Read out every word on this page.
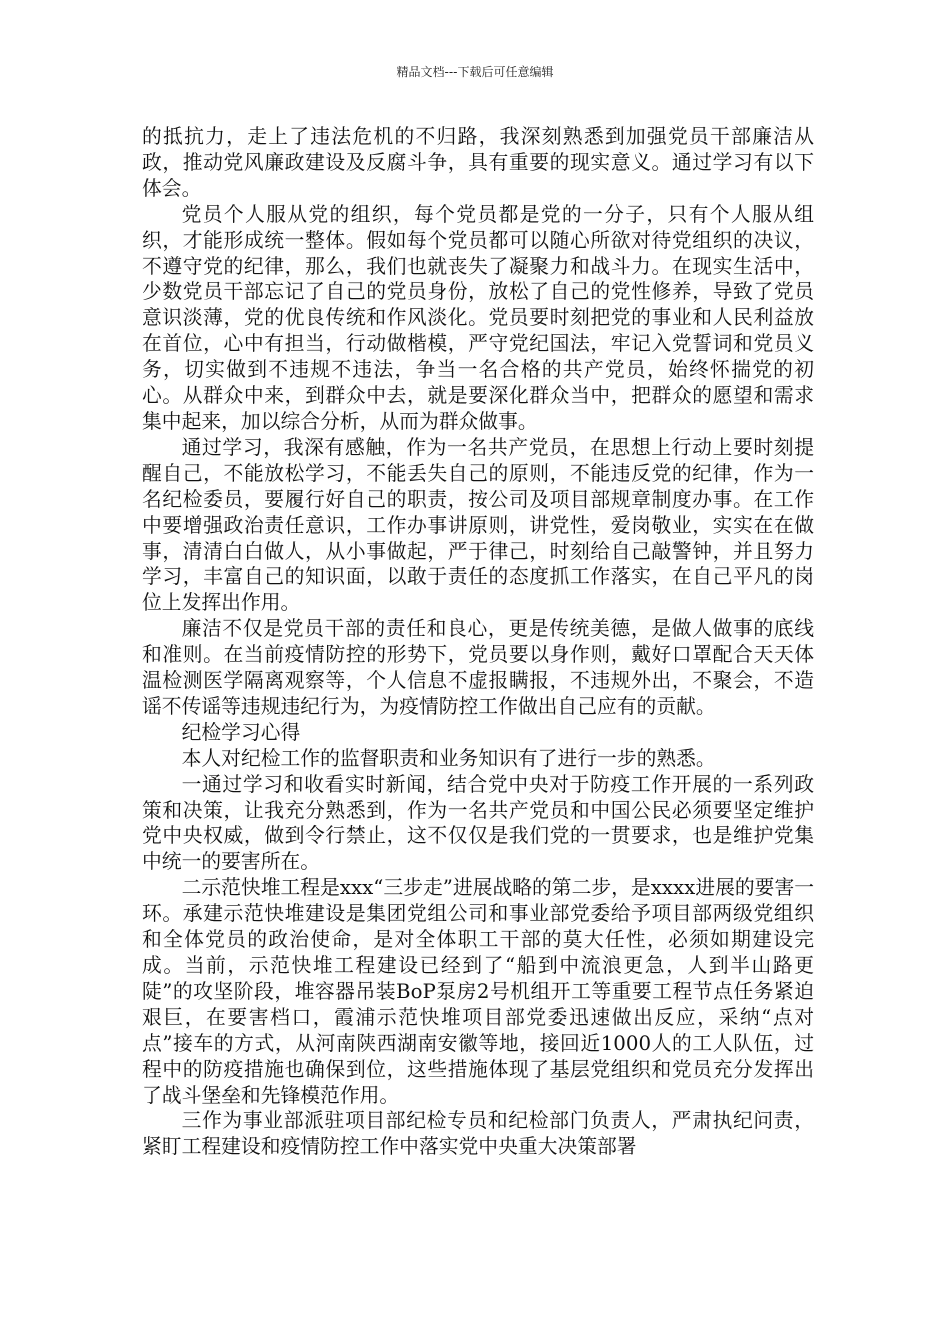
精品文档---下载后可任意编辑

的抵抗力，走上了违法危机的不归路，我深刻熟悉到加强党员干部廉洁从政，推动党风廉政建设及反腐斗争，具有重要的现实意义。通过学习有以下体会。

党员个人服从党的组织，每个党员都是党的一分子，只有个人服从组织，才能形成统一整体。假如每个党员都可以随心所欲对待党组织的决议，不遵守党的纪律，那么，我们也就丧失了凝聚力和战斗力。在现实生活中，少数党员干部忘记了自己的党员身份，放松了自己的党性修养，导致了党员意识淡薄，党的优良传统和作风淡化。党员要时刻把党的事业和人民利益放在首位，心中有担当，行动做楷模，严守党纪国法，牢记入党誓词和党员义务，切实做到不违规不违法，争当一名合格的共产党员，始终怀揣党的初心。从群众中来，到群众中去，就是要深化群众当中，把群众的愿望和需求集中起来，加以综合分析，从而为群众做事。

通过学习，我深有感触，作为一名共产党员，在思想上行动上要时刻提醒自己，不能放松学习，不能丢失自己的原则，不能违反党的纪律，作为一名纪检委员，要履行好自己的职责，按公司及项目部规章制度办事。在工作中要增强政治责任意识，工作办事讲原则，讲党性，爱岗敬业，实实在在做事，清清白白做人，从小事做起，严于律己，时刻给自己敲警钟，并且努力学习，丰富自己的知识面，以敢于责任的态度抓工作落实，在自己平凡的岗位上发挥出作用。

廉洁不仅是党员干部的责任和良心，更是传统美德，是做人做事的底线和准则。在当前疫情防控的形势下，党员要以身作则，戴好口罩配合天天体温检测医学隔离观察等，个人信息不虚报瞒报，不违规外出，不聚会，不造谣不传谣等违规违纪行为，为疫情防控工作做出自己应有的贡献。

纪检学习心得

本人对纪检工作的监督职责和业务知识有了进行一步的熟悉。

一通过学习和收看实时新闻，结合党中央对于防疫工作开展的一系列政策和决策，让我充分熟悉到，作为一名共产党员和中国公民必须要坚定维护党中央权威，做到令行禁止，这不仅仅是我们党的一贯要求，也是维护党集中统一的要害所在。

二示范快堆工程是xxx“三步走”进展战略的第二步，是xxxx进展的要害一环。承建示范快堆建设是集团党组公司和事业部党委给予项目部两级党组织和全体党员的政治使命，是对全体职工干部的莫大任性，必须如期建设完成。当前，示范快堆工程建设已经到了“船到中流浪更急，人到半山路更陡”的攻坚阶段，堆容器吊装BoP泵房2号机组开工等重要工程节点任务紧迫艰巨，在要害档口，霞浦示范快堆项目部党委迅速做出反应，采纳“点对点”接车的方式，从河南陕西湖南安徽等地，接回近1000人的工人队伍，过程中的防疫措施也确保到位，这些措施体现了基层党组织和党员充分发挥出了战斗堡垒和先锋模范作用。

三作为事业部派驻项目部纪检专员和纪检部门负责人，严肃执纪问责，紧盯工程建设和疫情防控工作中落实党中央重大决策部署
